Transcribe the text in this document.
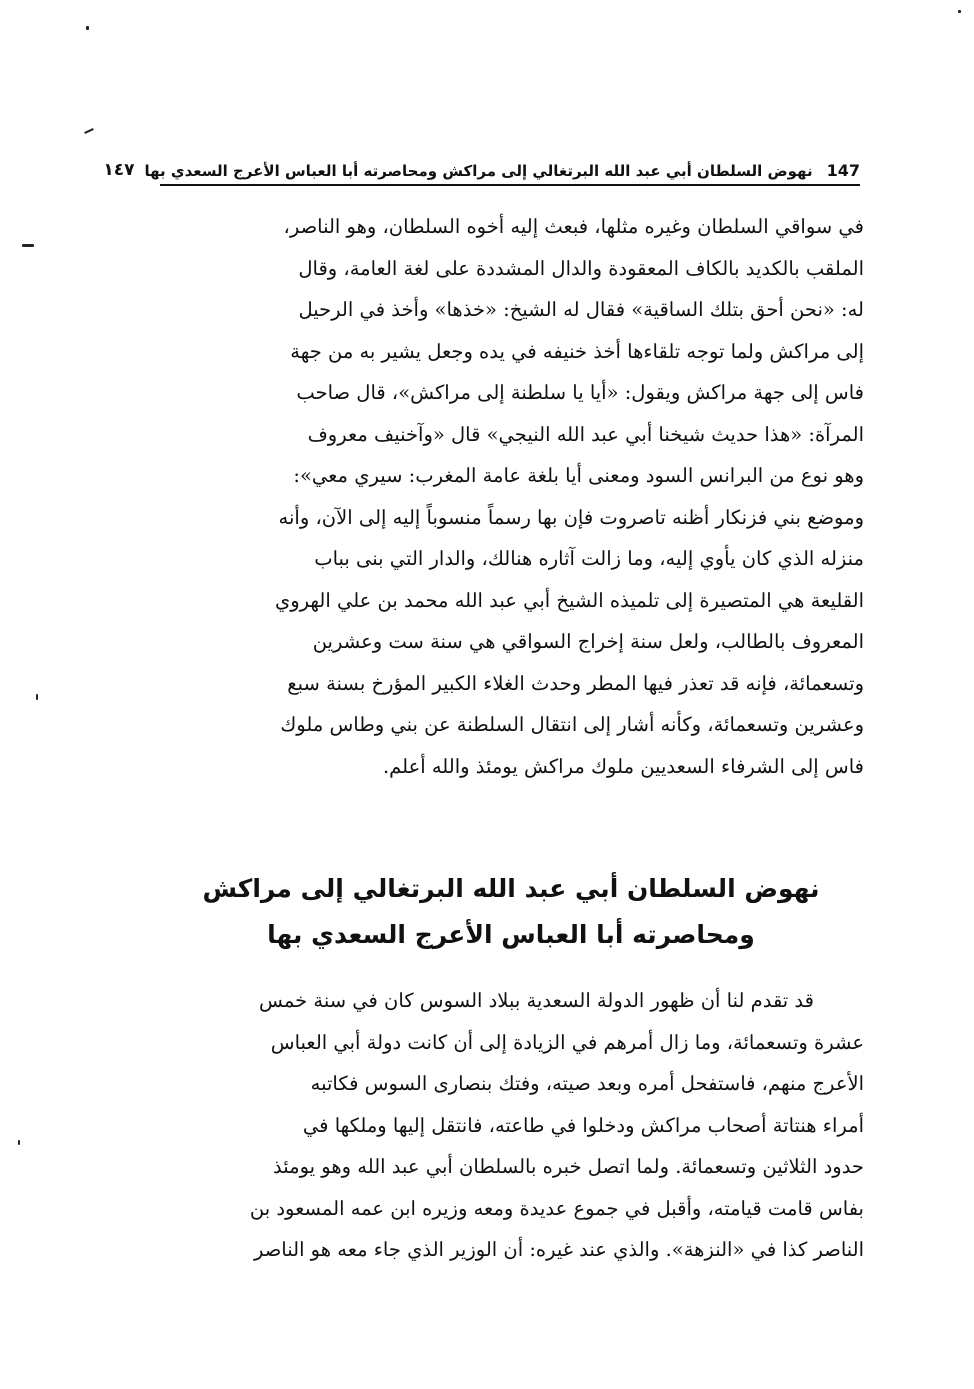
147
نهوض السلطان أبي عبد الله البرتغالي إلى مراكش ومحاصرته أبا العباس الأعرج السعدي بها
١٤٧

في سواقي السلطان وغيره مثلها، فبعث إليه أخوه السلطان، وهو الناصر،

الملقب بالكديد بالكاف المعقودة والدال المشددة على لغة العامة، وقال

له: «نحن أحق بتلك الساقية» فقال له الشيخ: «خذها» وأخذ في الرحيل

إلى مراكش ولما توجه تلقاءها أخذ خنيفه في يده وجعل يشير به من جهة

فاس إلى جهة مراكش ويقول: «أيا يا سلطنة إلى مراكش»، قال صاحب

المرآة: «هذا حديث شيخنا أبي عبد الله النيجي» قال «وآخنيف معروف

وهو نوع من البرانس السود ومعنى أيا بلغة عامة المغرب: سيري معي»:

وموضع بني فزنكار أظنه تاصروت فإن بها رسماً منسوباً إليه إلى الآن، وأنه

منزله الذي كان يأوي إليه، وما زالت آثاره هنالك، والدار التي بنى بباب

القليعة هي المتصيرة إلى تلميذه الشيخ أبي عبد الله محمد بن علي الهروي

المعروف بالطالب، ولعل سنة إخراج السواقي هي سنة ست وعشرين

وتسعمائة، فإنه قد تعذر فيها المطر وحدث الغلاء الكبير المؤرخ بسنة سبع

وعشرين وتسعمائة، وكأنه أشار إلى انتقال السلطنة عن بني وطاس ملوك

فاس إلى الشرفاء السعديين ملوك مراكش يومئذ والله أعلم.

نهوض السلطان أبي عبد الله البرتغالي إلى مراكش
ومحاصرته أبا العباس الأعرج السعدي بها

قد تقدم لنا أن ظهور الدولة السعدية ببلاد السوس كان في سنة خمس

عشرة وتسعمائة، وما زال أمرهم في الزيادة إلى أن كانت دولة أبي العباس

الأعرج منهم، فاستفحل أمره وبعد صيته، وفتك بنصارى السوس فكاتبه

أمراء هنتاتة أصحاب مراكش ودخلوا في طاعته، فانتقل إليها وملكها في

حدود الثلاثين وتسعمائة. ولما اتصل خبره بالسلطان أبي عبد الله وهو يومئذ

بفاس قامت قيامته، وأقبل في جموع عديدة ومعه وزيره ابن عمه المسعود بن

الناصر كذا في «النزهة». والذي عند غيره: أن الوزير الذي جاء معه هو الناصر
